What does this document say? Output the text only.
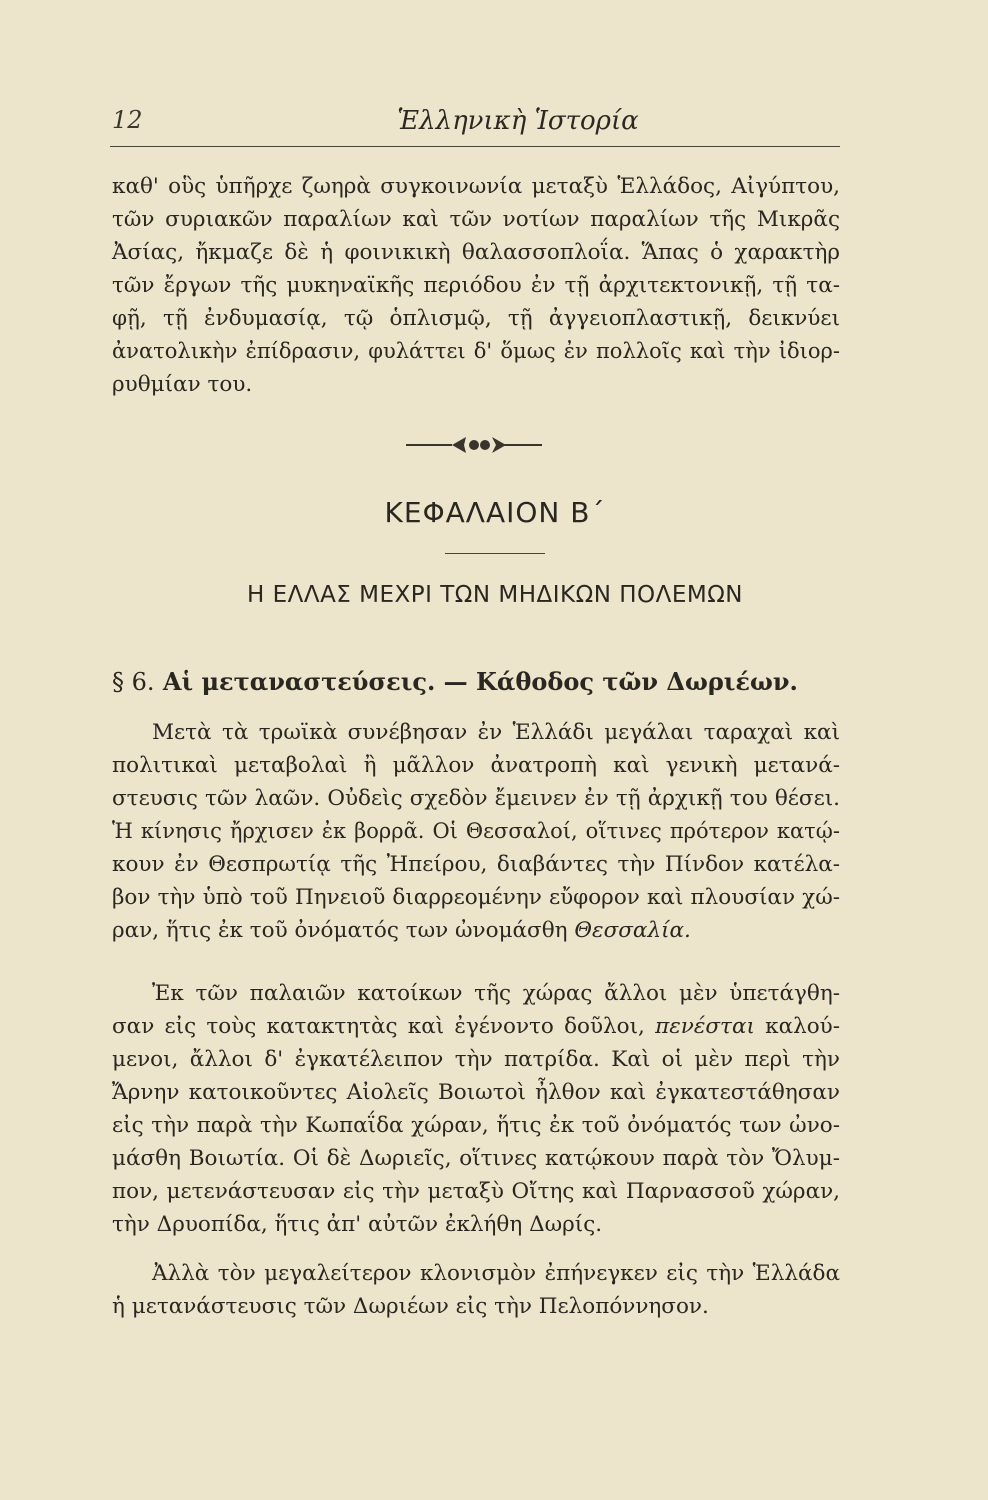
12	Ἑλληνικὴ Ἱστορία
καθ' οὓς ὑπῆρχε ζωηρὰ συγκοινωνία μεταξὺ Ἑλλάδος, Αἰγύπτου,
τῶν συριακῶν παραλίων καὶ τῶν νοτίων παραλίων τῆς Μικρᾶς
Ἀσίας, ἤκμαζε δὲ ἡ φοινικικὴ θαλασσοπλοΐα. Ἅπας ὁ χαρακτὴρ
τῶν ἔργων τῆς μυκηναϊκῆς περιόδου ἐν τῇ ἀρχιτεκτονικῇ, τῇ τα-
φῇ, τῇ ἐνδυμασίᾳ, τῷ ὁπλισμῷ, τῇ ἀγγειοπλαστικῇ, δεικνύει
ἀνατολικὴν ἐπίδρασιν, φυλάττει δ' ὅμως ἐν πολλοῖς καὶ τὴν ἰδιορ-
ρυθμίαν του.
ΚΕΦΑΛΑΙΟΝ Β΄
Η ΕΛΛΑΣ ΜΕΧΡΙ ΤΩΝ ΜΗΔΙΚΩΝ ΠΟΛΕΜΩΝ
§ 6. Αἱ μεταναστεύσεις. — Κάθοδος τῶν Δωριέων.
Μετὰ τὰ τρωϊκὰ συνέβησαν ἐν Ἑλλάδι μεγάλαι ταραχαὶ καὶ
πολιτικαὶ μεταβολαὶ ἢ μᾶλλον ἀνατροπὴ καὶ γενικὴ μετανά-
στευσις τῶν λαῶν. Οὐδεὶς σχεδὸν ἔμεινεν ἐν τῇ ἀρχικῇ του θέσει.
Ἡ κίνησις ἤρχισεν ἐκ βορρᾶ. Οἱ Θεσσαλοί, οἵτινες πρότερον κατῴ-
κουν ἐν Θεσπρωτίᾳ τῆς Ἠπείρου, διαβάντες τὴν Πίνδον κατέλα-
βον τὴν ὑπὸ τοῦ Πηνειοῦ διαρρεομένην εὔφορον καὶ πλουσίαν χώ-
ραν, ἥτις ἐκ τοῦ ὀνόματός των ὠνομάσθη Θεσσαλία.
Ἐκ τῶν παλαιῶν κατοίκων τῆς χώρας ἄλλοι μὲν ὑπετάγθη-
σαν εἰς τοὺς κατακτητὰς καὶ ἐγένοντο δοῦλοι, πενέσται καλού-
μενοι, ἄλλοι δ' ἐγκατέλειπον τὴν πατρίδα. Καὶ οἱ μὲν περὶ τὴν
Ἄρνην κατοικοῦντες Αἰολεῖς Βοιωτοὶ ἦλθον καὶ ἐγκατεστάθησαν
εἰς τὴν παρὰ τὴν Κωπαΐδα χώραν, ἥτις ἐκ τοῦ ὀνόματός των ὠνο-
μάσθη Βοιωτία. Οἱ δὲ Δωριεῖς, οἵτινες κατῴκουν παρὰ τὸν Ὄλυμ-
πον, μετενάστευσαν εἰς τὴν μεταξὺ Οἴτης καὶ Παρνασσοῦ χώραν,
τὴν Δρυοπίδα, ἥτις ἀπ' αὐτῶν ἐκλήθη Δωρίς.
Ἀλλὰ τὸν μεγαλείτερον κλονισμὸν ἐπήνεγκεν εἰς τὴν Ἑλλάδα
ἡ μετανάστευσις τῶν Δωριέων εἰς τὴν Πελοπόννησον.
